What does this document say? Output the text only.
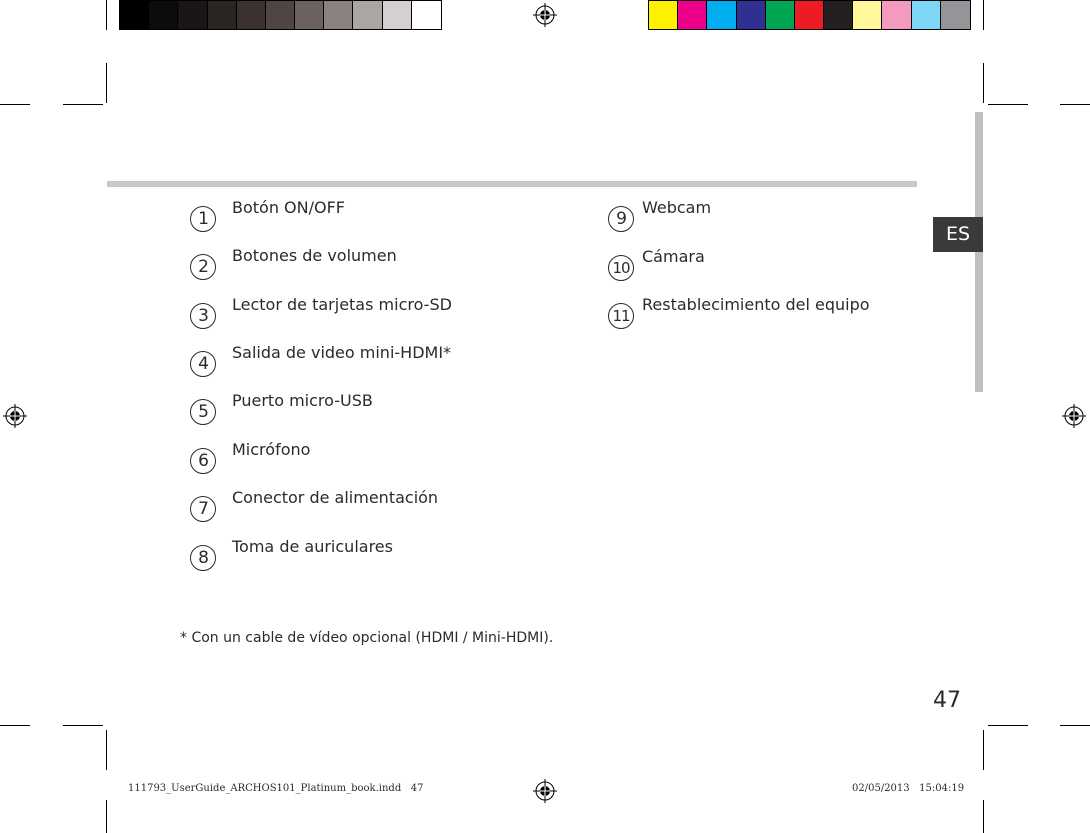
ES
1
Botón ON/OFF
2
Botones de volumen
3
Lector de tarjetas micro-SD
4
Salida de video mini-HDMI*
5
Puerto micro-USB
6
Micrófono
7
Conector de alimentación
8
Toma de auriculares
9
Webcam
10
Cámara
11
Restablecimiento del equipo
* Con un cable de vídeo opcional (HDMI / Mini-HDMI).
47
111793_UserGuide_ARCHOS101_Platinum_book.indd   47	02/05/2013   15:04:19
